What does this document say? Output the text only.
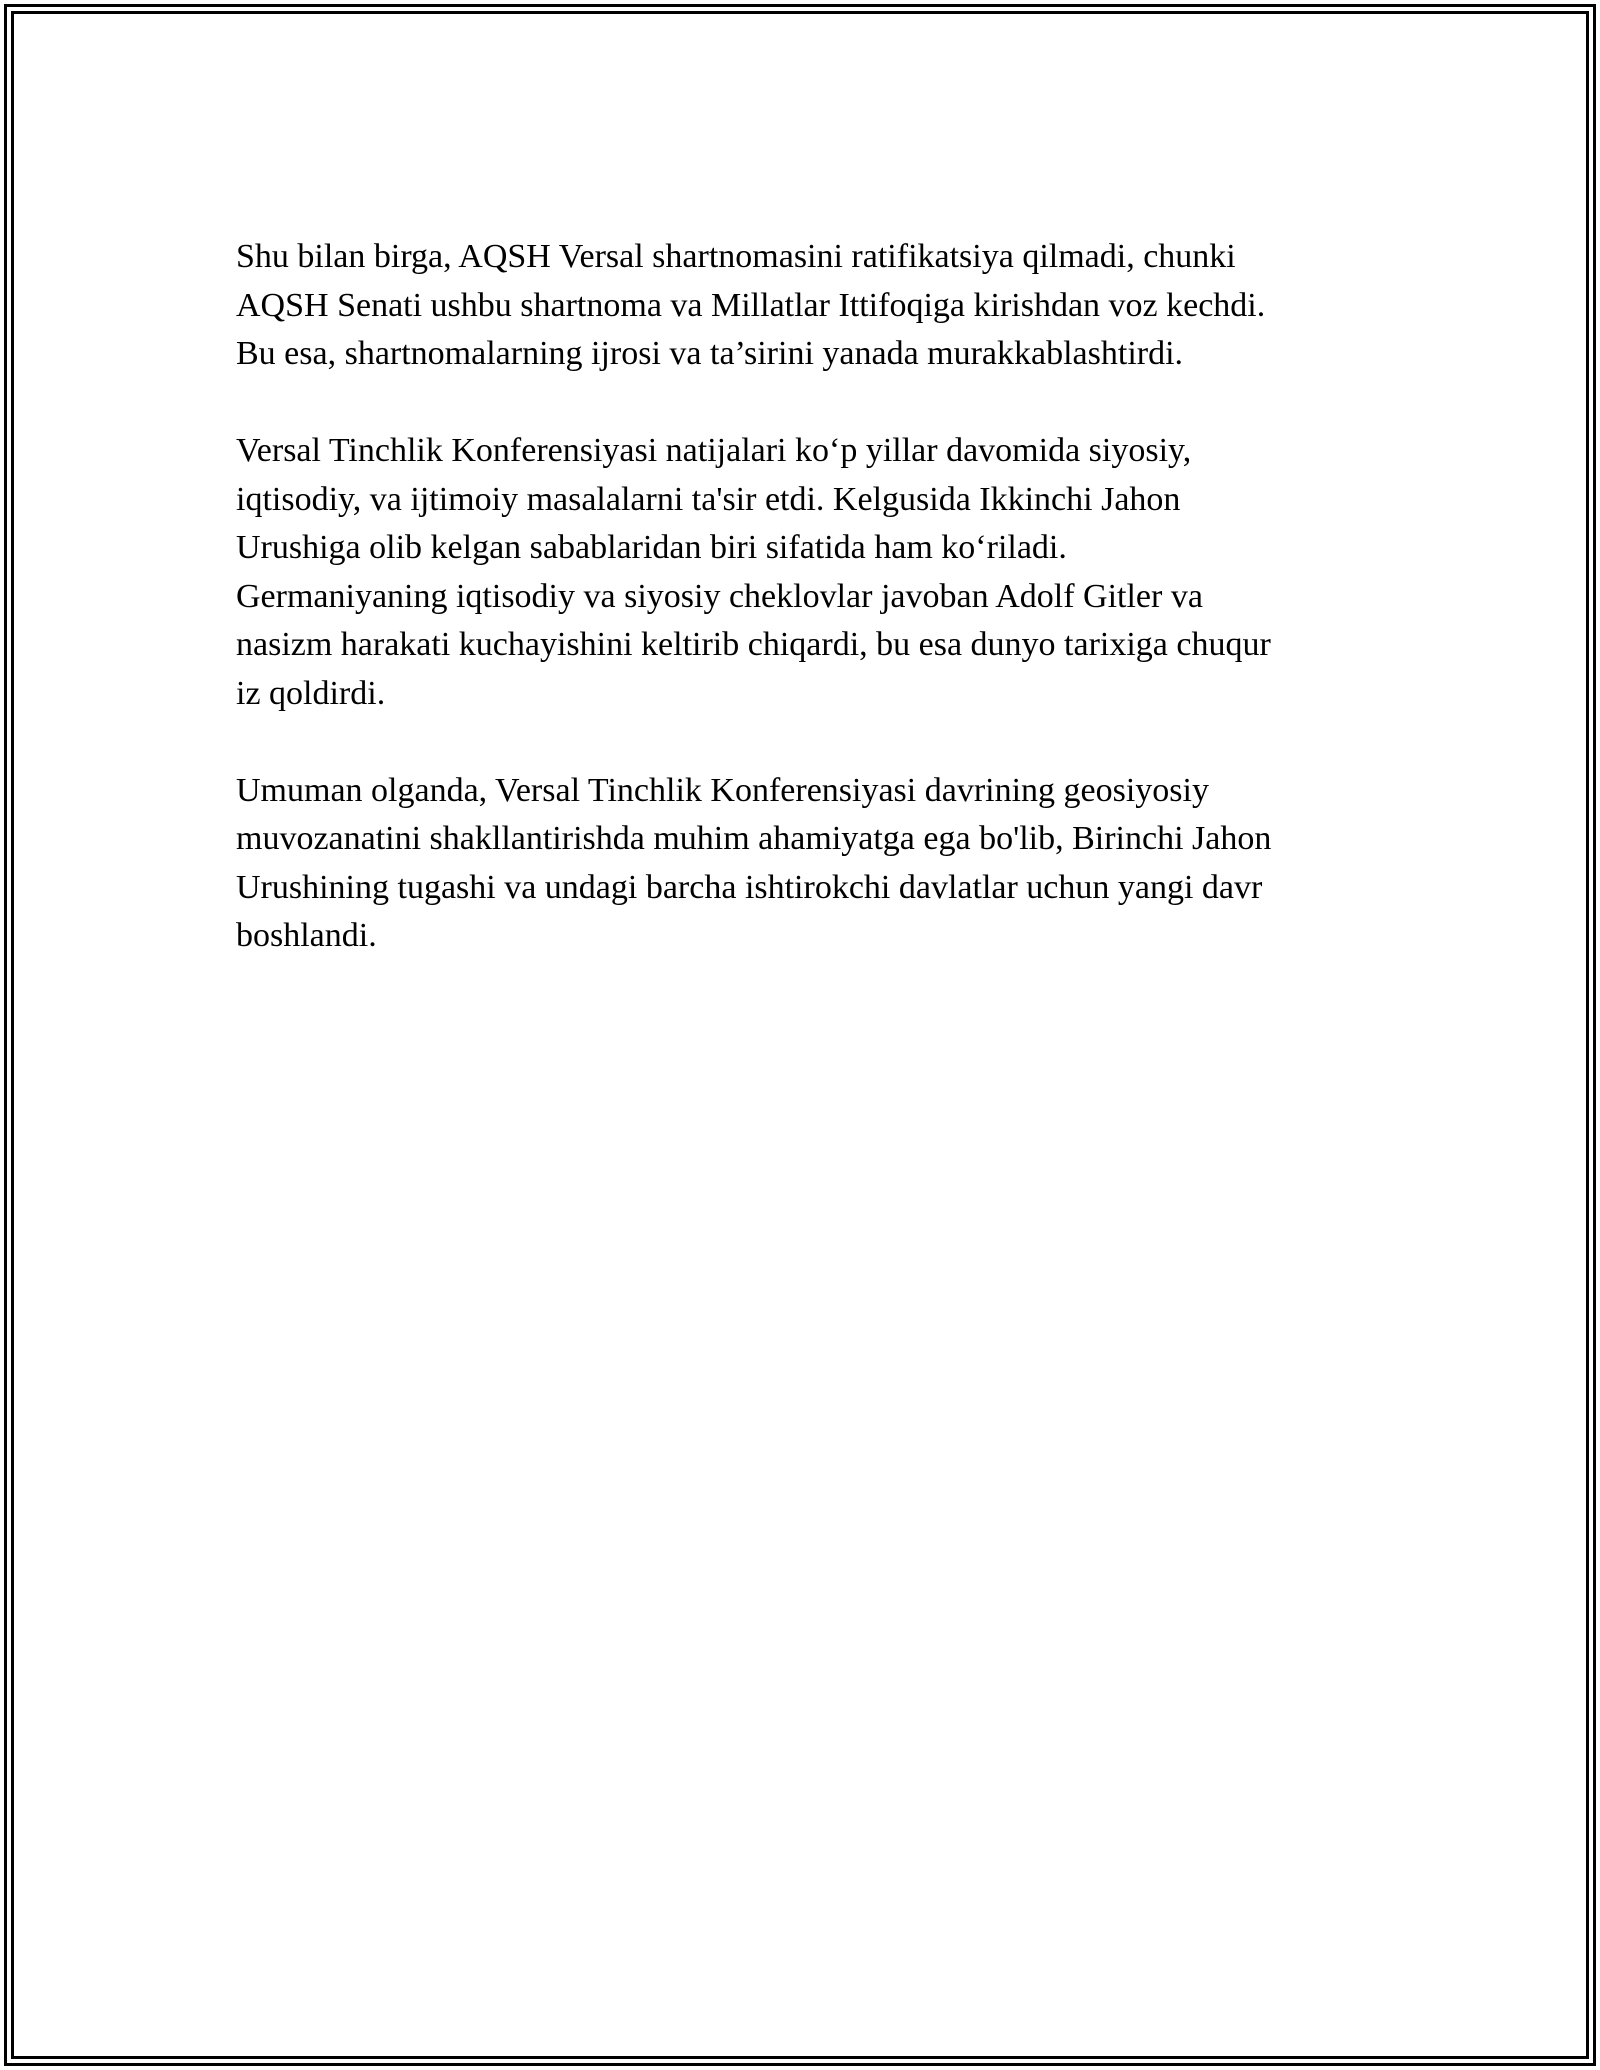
Shu bilan birga, AQSH Versal shartnomasini ratifikatsiya qilmadi, chunki
AQSH Senati ushbu shartnoma va Millatlar Ittifoqiga kirishdan voz kechdi.
Bu esa, shartnomalarning ijrosi va ta’sirini yanada murakkablashtirdi.

Versal Tinchlik Konferensiyasi natijalari ko‘p yillar davomida siyosiy,
iqtisodiy, va ijtimoiy masalalarni ta'sir etdi. Kelgusida Ikkinchi Jahon
Urushiga olib kelgan sabablaridan biri sifatida ham ko‘riladi.
Germaniyaning iqtisodiy va siyosiy cheklovlar javoban Adolf Gitler va
nasizm harakati kuchayishini keltirib chiqardi, bu esa dunyo tarixiga chuqur
iz qoldirdi.

Umuman olganda, Versal Tinchlik Konferensiyasi davrining geosiyosiy
muvozanatini shakllantirishda muhim ahamiyatga ega bo'lib, Birinchi Jahon
Urushining tugashi va undagi barcha ishtirokchi davlatlar uchun yangi davr
boshlandi.
